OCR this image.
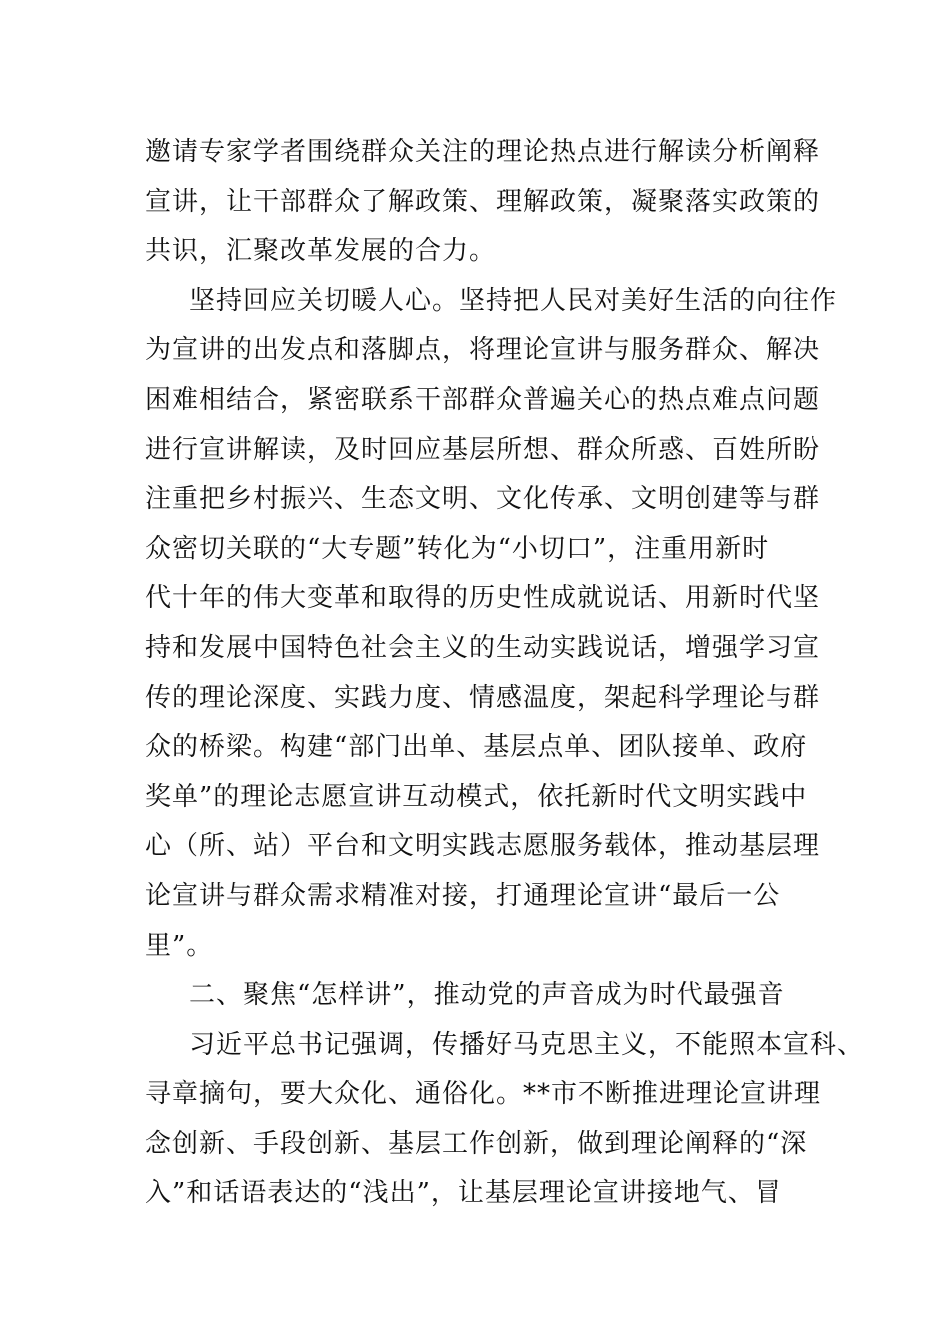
邀请专家学者围绕群众关注的理论热点进行解读分析阐释
宣讲，让干部群众了解政策、理解政策，凝聚落实政策的
共识，汇聚改革发展的合力。
坚持回应关切暖人心。坚持把人民对美好生活的向往作
为宣讲的出发点和落脚点，将理论宣讲与服务群众、解决
困难相结合，紧密联系干部群众普遍关心的热点难点问题
进行宣讲解读，及时回应基层所想、群众所惑、百姓所盼
注重把乡村振兴、生态文明、文化传承、文明创建等与群
众密切关联的“大专题”转化为“小切口”，注重用新时
代十年的伟大变革和取得的历史性成就说话、用新时代坚
持和发展中国特色社会主义的生动实践说话，增强学习宣
传的理论深度、实践力度、情感温度，架起科学理论与群
众的桥梁。构建“部门出单、基层点单、团队接单、政府
奖单”的理论志愿宣讲互动模式，依托新时代文明实践中
心（所、站）平台和文明实践志愿服务载体，推动基层理
论宣讲与群众需求精准对接，打通理论宣讲“最后一公
里”。
二、聚焦“怎样讲”，推动党的声音成为时代最强音
习近平总书记强调，传播好马克思主义，不能照本宣科、
寻章摘句，要大众化、通俗化。**市不断推进理论宣讲理
念创新、手段创新、基层工作创新，做到理论阐释的“深
入”和话语表达的“浅出”，让基层理论宣讲接地气、冒
